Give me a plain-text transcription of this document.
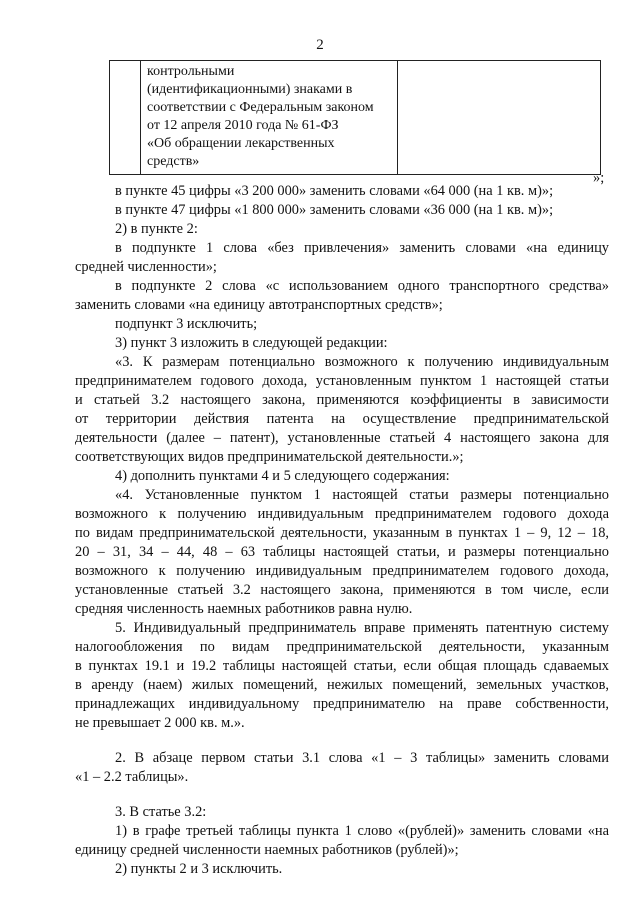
2
контрольными
(идентификационными) знаками в
соответствии с Федеральным законом
от 12 апреля 2010 года № 61-ФЗ
«Об обращении лекарственных
средств»
»;
в пункте 45 цифры «3 200 000» заменить словами «64 000 (на 1 кв. м)»;
в пункте 47 цифры «1 800 000» заменить словами «36 000 (на 1 кв. м)»;
2) в пункте 2:
в подпункте 1 слова «без привлечения» заменить словами «на единицу
средней численности»;
в подпункте 2 слова «с использованием одного транспортного средства»
заменить словами «на единицу автотранспортных средств»;
подпункт 3 исключить;
3) пункт 3 изложить в следующей редакции:
«3. К размерам потенциально возможного к получению индивидуальным
предпринимателем годового дохода, установленным пунктом 1 настоящей статьи
и статьей 3.2 настоящего закона, применяются коэффициенты в зависимости
от территории действия патента на осуществление предпринимательской
деятельности (далее – патент), установленные статьей 4 настоящего закона для
соответствующих видов предпринимательской деятельности.»;
4) дополнить пунктами 4 и 5 следующего содержания:
«4. Установленные пунктом 1 настоящей статьи размеры потенциально
возможного к получению индивидуальным предпринимателем годового дохода
по видам предпринимательской деятельности, указанным в пунктах 1 – 9, 12 – 18,
20 – 31, 34 – 44, 48 – 63 таблицы настоящей статьи, и размеры потенциально
возможного к получению индивидуальным предпринимателем годового дохода,
установленные статьей 3.2 настоящего закона, применяются в том числе, если
средняя численность наемных работников равна нулю.
5. Индивидуальный предприниматель вправе применять патентную систему
налогообложения по видам предпринимательской деятельности, указанным
в пунктах 19.1 и 19.2 таблицы настоящей статьи, если общая площадь сдаваемых
в аренду (наем) жилых помещений, нежилых помещений, земельных участков,
принадлежащих индивидуальному предпринимателю на праве собственности,
не превышает 2 000 кв. м.».
2. В абзаце первом статьи 3.1 слова «1 – 3 таблицы» заменить словами
«1 – 2.2 таблицы».
3. В статье 3.2:
1) в графе третьей таблицы пункта 1 слово «(рублей)» заменить словами «на
единицу средней численности наемных работников (рублей)»;
2) пункты 2 и 3 исключить.
